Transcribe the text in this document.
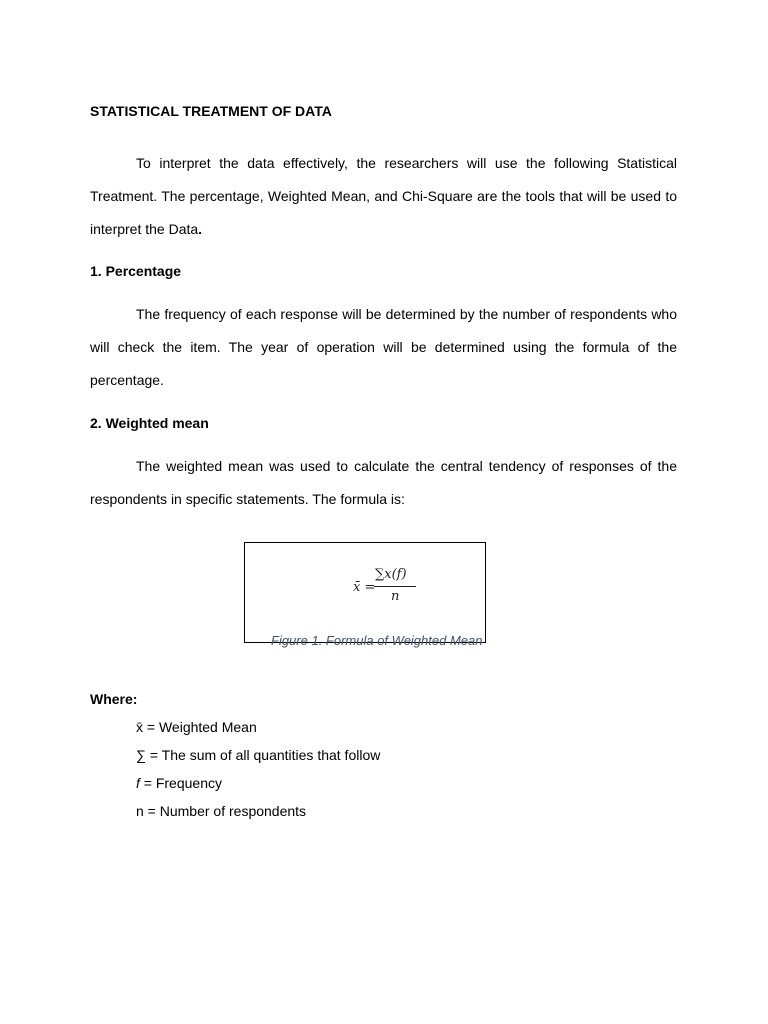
STATISTICAL TREATMENT OF DATA
To interpret the data effectively, the researchers will use the following Statistical
Treatment. The percentage, Weighted Mean, and Chi-Square are the tools that will be used to
interpret the Data.
1. Percentage
The frequency of each response will be determined by the number of respondents who
will check the item. The year of operation will be determined using the formula of the
percentage.
2. Weighted mean
The weighted mean was used to calculate the central tendency of responses of the
respondents in specific statements. The formula is:
x̄ =
∑x(f)
n
Figure 1. Formula of Weighted Mean
Where:
x̄ = Weighted Mean
∑ = The sum of all quantities that follow
f = Frequency
n = Number of respondents
